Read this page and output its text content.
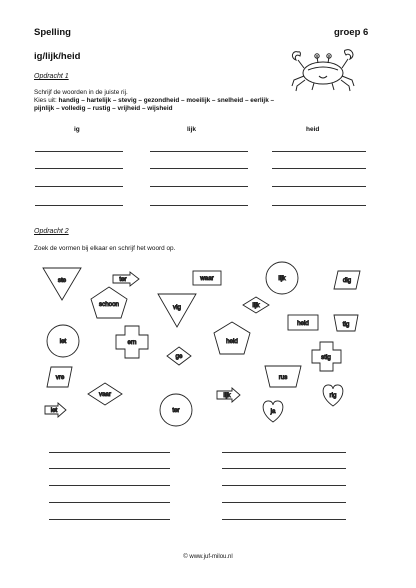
Spelling	groep 6
ig/lijk/heid
Opdracht 1
Schrijf de woorden in de juiste rij.
Kies uit: handig – hartelijk – stevig – gezondheid – moeilijk – snelheid – eerlijk –
pijnlijk – volledig – rustig – vrijheid – wijsheid
ig	lijk	heid
Opdracht 2
Zoek de vormen bij elkaar en schrijf het woord op.
ste	ter	waar	lijk	dig
schoon	vig	lijk
heid	tig
let	ern	heid
stig
ge
vre	rus
vaar	rig
let
lijk
ter	ja
© www.juf-milou.nl
